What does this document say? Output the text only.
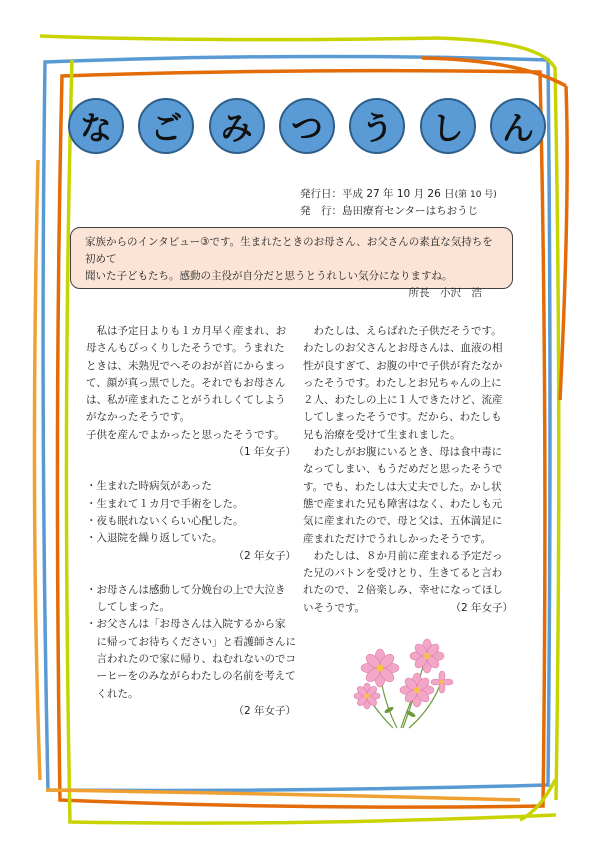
な	ご	み	つ	う	し	ん
発行日：平成 27 年 10 月 26 日(第 10 号)
発　行：島田療育センターはちおうじ
家族からのインタビュー③です。生まれたときのお母さん、お父さんの素直な気持ちを初めて
聞いた子どもたち。感動の主役が自分だと思うとうれしい気分になりますね。
所長　小沢　浩

私は予定日よりも１カ月早く産まれ、お

母さんもびっくりしたそうです。うまれた

ときは、未熟児でへそのおが首にからまっ

て、顔が真っ黒でした。それでもお母さん

は、私が産まれたことがうれしくてしよう

がなかったそうです。

子供を産んでよかったと思ったそうです。

（1 年女子）

・生まれた時病気があった

・生まれて１カ月で手術をした。

・夜も眠れないくらい心配した。

・入退院を繰り返していた。

（2 年女子）

・お母さんは感動して分娩台の上で大泣き

　してしまった。

・お父さんは「お母さんは入院するから家

　に帰ってお待ちください」と看護師さんに

　言われたので家に帰り、ねむれないのでコ

　ーヒーをのみながらわたしの名前を考えて

　くれた。

（2 年女子）

わたしは、えらばれた子供だそうです。

わたしのお父さんとお母さんは、血液の相

性が良すぎて、お腹の中で子供が育たなか

ったそうです。わたしとお兄ちゃんの上に

２人、わたしの上に１人できたけど、流産

してしまったそうです。だから、わたしも

兄も治療を受けて生まれました。

わたしがお腹にいるとき、母は食中毒に

なってしまい、もうだめだと思ったそうで

す。でも、わたしは大丈夫でした。かし状

態で産まれた兄も障害はなく、わたしも元

気に産まれたので、母と父は、五体満足に

産まれただけでうれしかったそうです。

わたしは、８か月前に産まれる予定だっ

た兄のバトンを受けとり、生きてると言わ

れたので、２倍楽しみ、幸せになってほし

いそうです。	（2 年女子）
